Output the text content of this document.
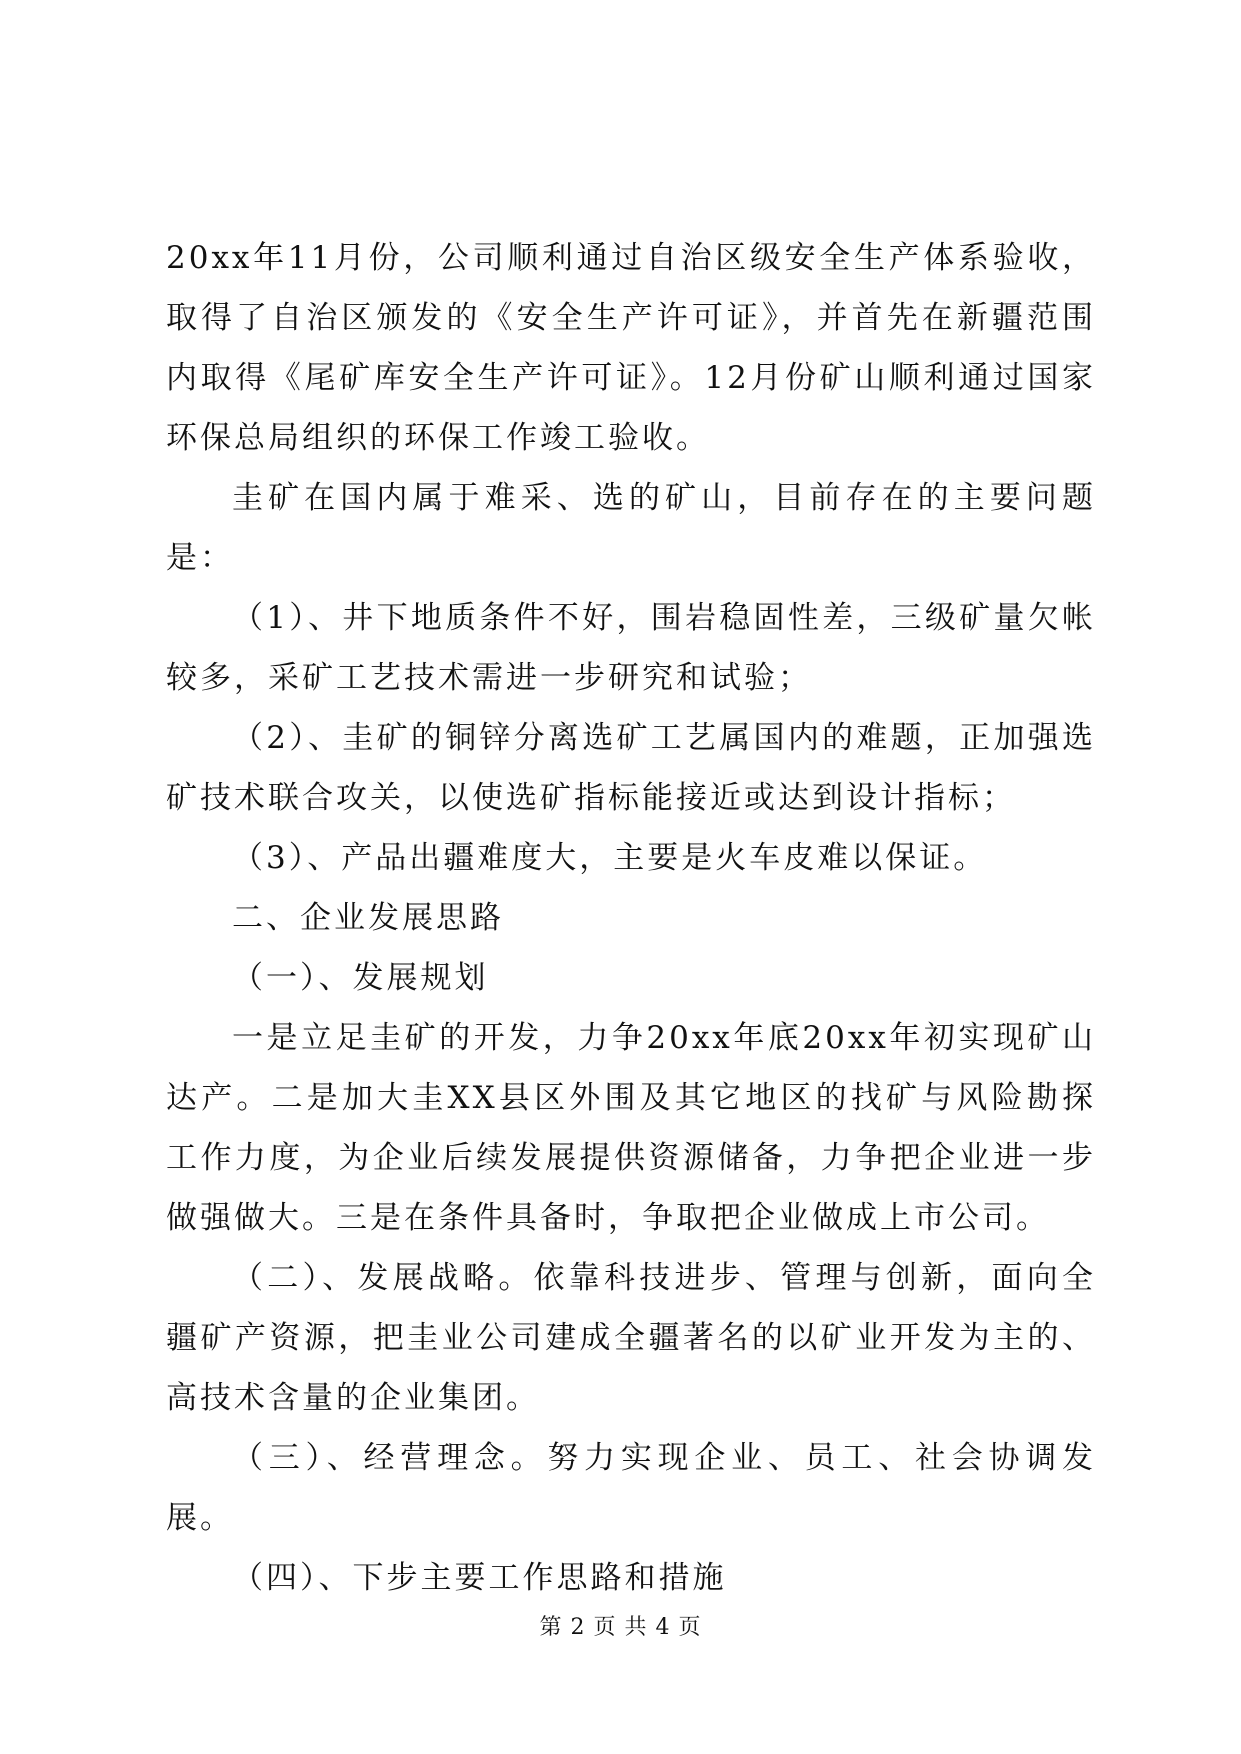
20xx年11月份，公司顺利通过自治区级安全生产体系验收，取得了自治区颁发的《安全生产许可证》，并首先在新疆范围内取得《尾矿库安全生产许可证》。12月份矿山顺利通过国家环保总局组织的环保工作竣工验收。

圭矿在国内属于难采、选的矿山，目前存在的主要问题是：

（1）、井下地质条件不好，围岩稳固性差，三级矿量欠帐较多，采矿工艺技术需进一步研究和试验；

（2）、圭矿的铜锌分离选矿工艺属国内的难题，正加强选矿技术联合攻关，以使选矿指标能接近或达到设计指标；

（3）、产品出疆难度大，主要是火车皮难以保证。

二、企业发展思路

（一）、发展规划

一是立足圭矿的开发，力争20xx年底20xx年初实现矿山达产。二是加大圭XX县区外围及其它地区的找矿与风险勘探工作力度，为企业后续发展提供资源储备，力争把企业进一步做强做大。三是在条件具备时，争取把企业做成上市公司。

（二）、发展战略。依靠科技进步、管理与创新，面向全疆矿产资源，把圭业公司建成全疆著名的以矿业开发为主的、高技术含量的企业集团。

（三）、经营理念。努力实现企业、员工、社会协调发展。

（四）、下步主要工作思路和措施

第 2 页 共 4 页
